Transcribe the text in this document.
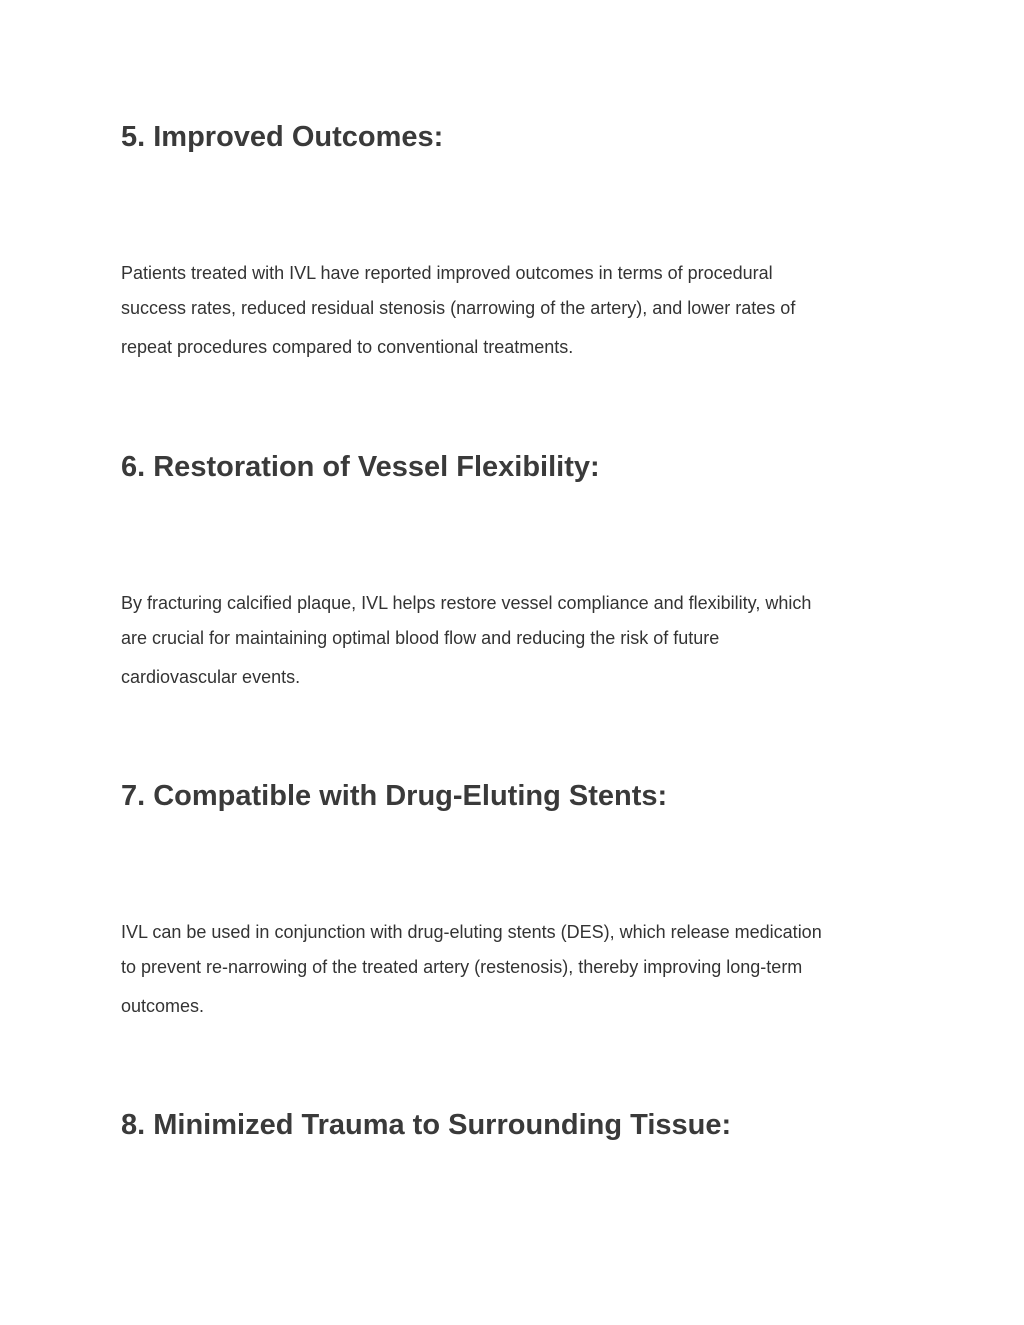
5. Improved Outcomes:
Patients treated with IVL have reported improved outcomes in terms of procedural
success rates, reduced residual stenosis (narrowing of the artery), and lower rates of
repeat procedures compared to conventional treatments.
6. Restoration of Vessel Flexibility:
By fracturing calcified plaque, IVL helps restore vessel compliance and flexibility, which
are crucial for maintaining optimal blood flow and reducing the risk of future
cardiovascular events.
7. Compatible with Drug-Eluting Stents:
IVL can be used in conjunction with drug-eluting stents (DES), which release medication
to prevent re-narrowing of the treated artery (restenosis), thereby improving long-term
outcomes.
8. Minimized Trauma to Surrounding Tissue:
